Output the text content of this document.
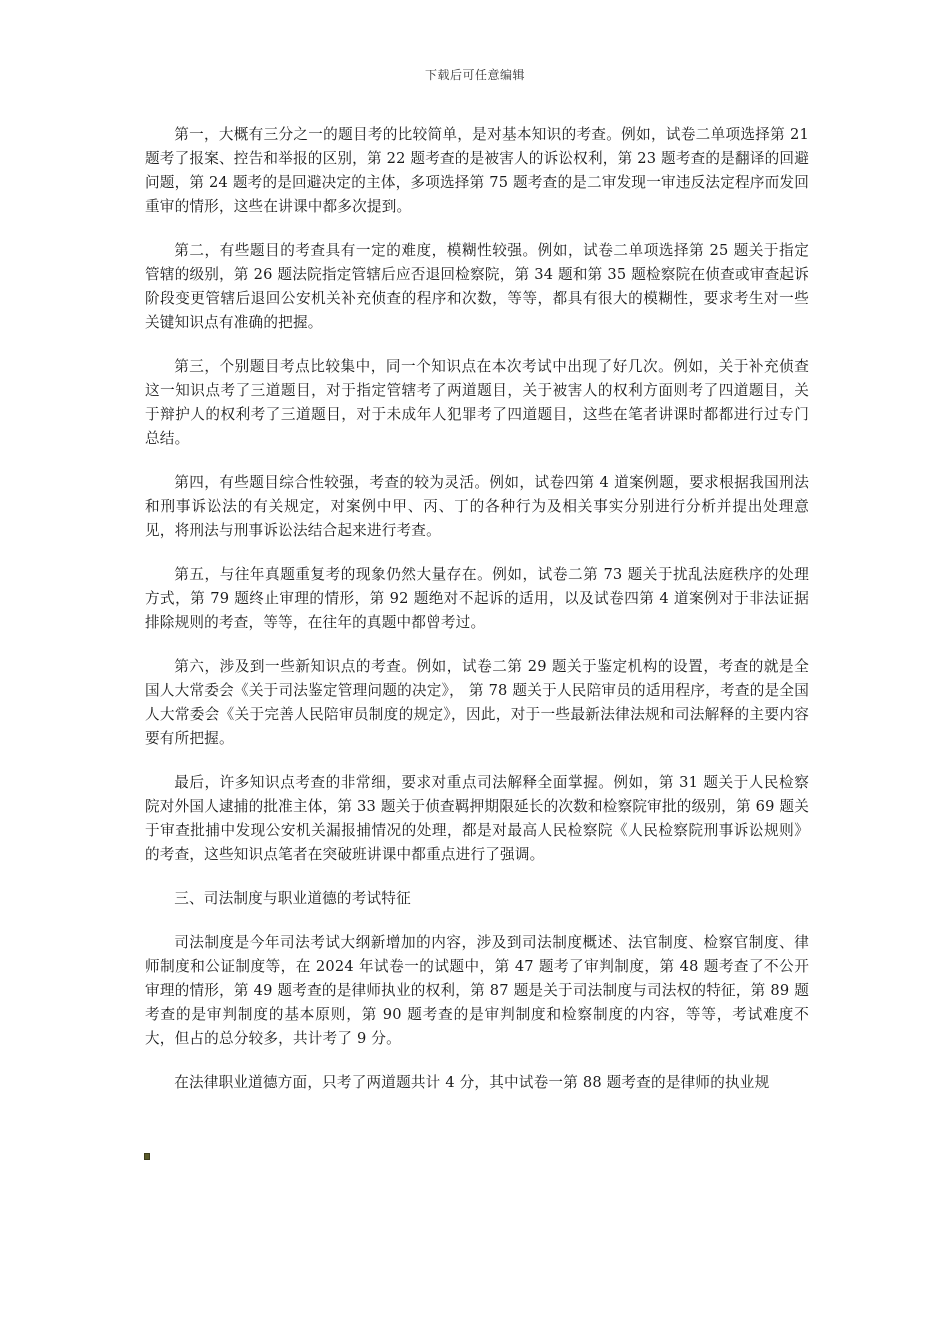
下载后可任意编辑

第一，大概有三分之一的题目考的比较简单，是对基本知识的考查。例如，试卷二单项选择第 21 题考了报案、控告和举报的区别，第 22 题考查的是被害人的诉讼权利，第 23 题考查的是翻译的回避问题，第 24 题考的是回避决定的主体，多项选择第 75 题考查的是二审发现一审违反法定程序而发回重审的情形，这些在讲课中都多次提到。

第二，有些题目的考查具有一定的难度，模糊性较强。例如，试卷二单项选择第 25 题关于指定管辖的级别，第 26 题法院指定管辖后应否退回检察院，第 34 题和第 35 题检察院在侦查或审查起诉阶段变更管辖后退回公安机关补充侦查的程序和次数，等等，都具有很大的模糊性，要求考生对一些关键知识点有准确的把握。

第三，个别题目考点比较集中，同一个知识点在本次考试中出现了好几次。例如，关于补充侦查这一知识点考了三道题目，对于指定管辖考了两道题目，关于被害人的权利方面则考了四道题目，关于辩护人的权利考了三道题目，对于未成年人犯罪考了四道题目，这些在笔者讲课时都都进行过专门总结。

第四，有些题目综合性较强，考查的较为灵活。例如，试卷四第 4 道案例题，要求根据我国刑法和刑事诉讼法的有关规定，对案例中甲、丙、丁的各种行为及相关事实分别进行分析并提出处理意见，将刑法与刑事诉讼法结合起来进行考查。

第五，与往年真题重复考的现象仍然大量存在。例如，试卷二第 73 题关于扰乱法庭秩序的处理方式，第 79 题终止审理的情形，第 92 题绝对不起诉的适用，以及试卷四第 4 道案例对于非法证据排除规则的考查，等等，在往年的真题中都曾考过。

第六，涉及到一些新知识点的考查。例如，试卷二第 29 题关于鉴定机构的设置，考查的就是全国人大常委会《关于司法鉴定管理问题的决定》， 第 78 题关于人民陪审员的适用程序，考查的是全国人大常委会《关于完善人民陪审员制度的规定》，因此，对于一些最新法律法规和司法解释的主要内容要有所把握。

最后，许多知识点考查的非常细，要求对重点司法解释全面掌握。例如，第 31 题关于人民检察院对外国人逮捕的批准主体，第 33 题关于侦查羁押期限延长的次数和检察院审批的级别，第 69 题关于审查批捕中发现公安机关漏报捕情况的处理，都是对最高人民检察院《人民检察院刑事诉讼规则》的考查，这些知识点笔者在突破班讲课中都重点进行了强调。

三、司法制度与职业道德的考试特征

司法制度是今年司法考试大纲新增加的内容，涉及到司法制度概述、法官制度、检察官制度、律师制度和公证制度等，在 2024 年试卷一的试题中，第 47 题考了审判制度，第 48 题考查了不公开审理的情形，第 49 题考查的是律师执业的权利，第 87 题是关于司法制度与司法权的特征，第 89 题考查的是审判制度的基本原则，第 90 题考查的是审判制度和检察制度的内容，等等，考试难度不大，但占的总分较多，共计考了 9 分。

在法律职业道德方面，只考了两道题共计 4 分，其中试卷一第 88 题考查的是律师的执业规
